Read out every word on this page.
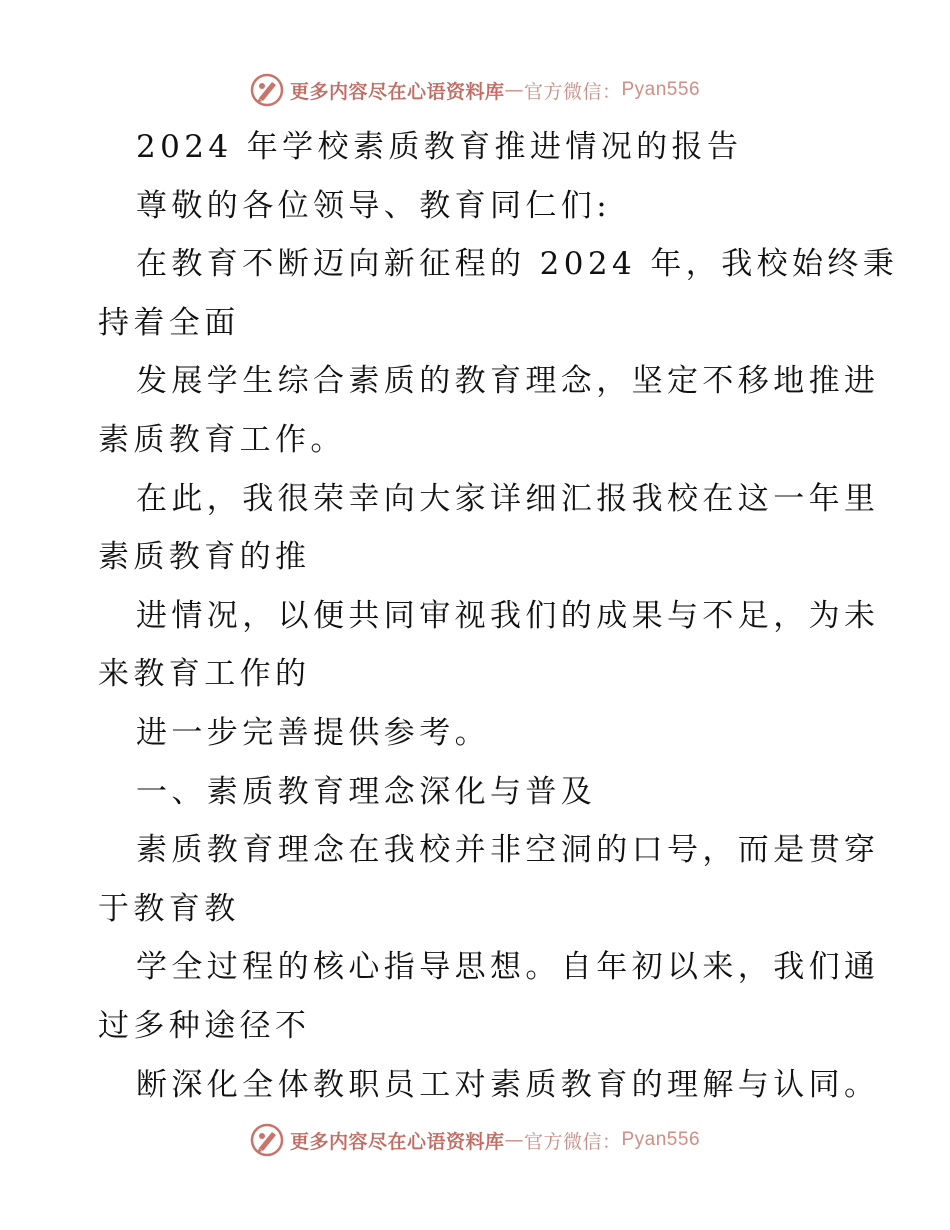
更多内容尽在心语资料库 — 官方微信： Pyan556
2024 年学校素质教育推进情况的报告
尊敬的各位领导、教育同仁们:
在教育不断迈向新征程的 2024 年，我校始终秉
持着全面
发展学生综合素质的教育理念，坚定不移地推进
素质教育工作。
在此，我很荣幸向大家详细汇报我校在这一年里
素质教育的推
进情况，以便共同审视我们的成果与不足，为未
来教育工作的
进一步完善提供参考。
一、素质教育理念深化与普及
素质教育理念在我校并非空洞的口号，而是贯穿
于教育教
学全过程的核心指导思想。自年初以来，我们通
过多种途径不
断深化全体教职员工对素质教育的理解与认同。
更多内容尽在心语资料库 — 官方微信： Pyan556
